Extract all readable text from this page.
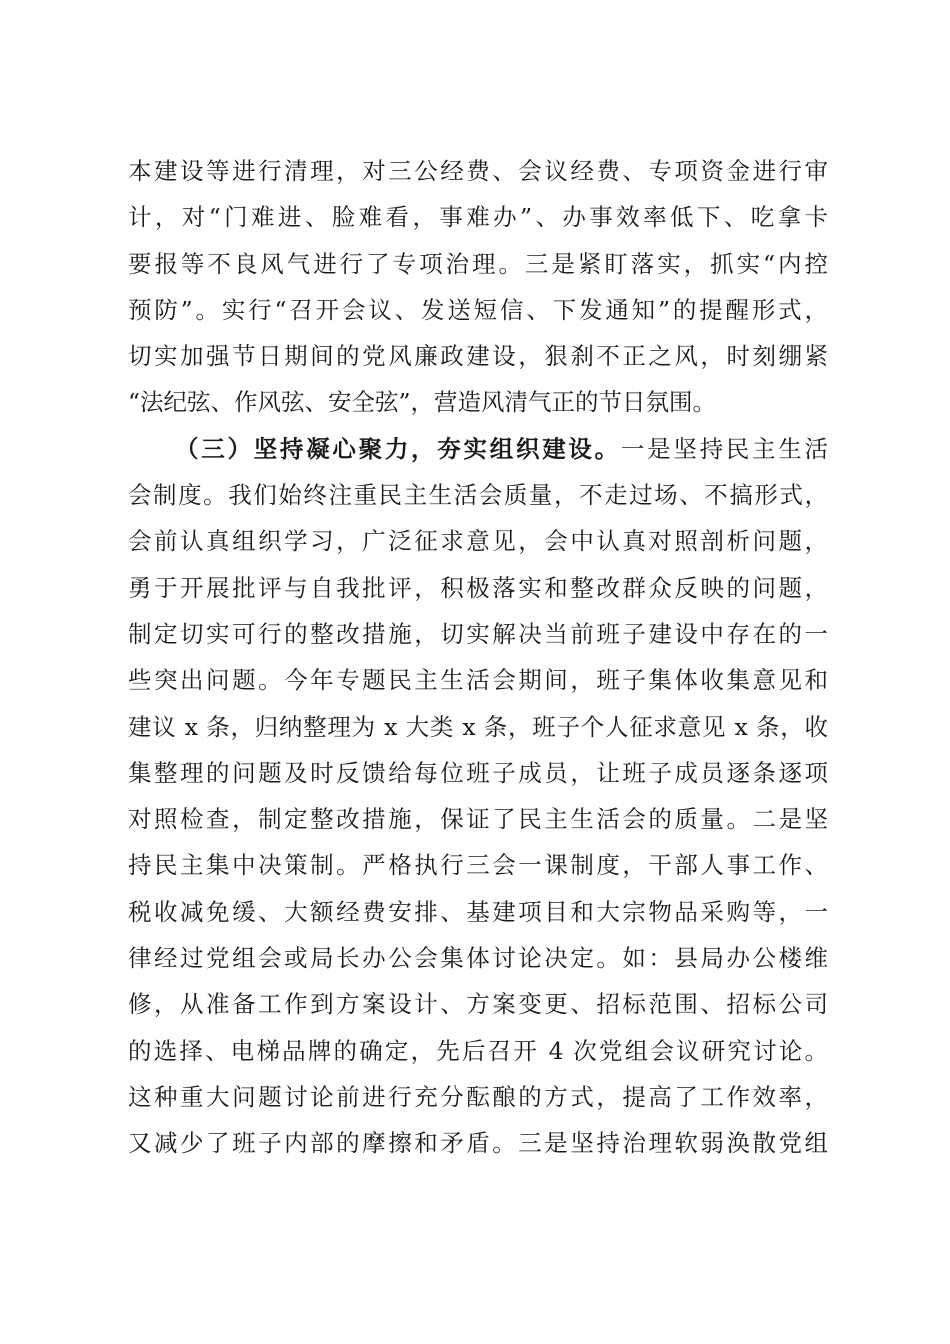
本建设等进行清理，对三公经费、会议经费、专项资金进行审
计，对“门难进、脸难看，事难办”、办事效率低下、吃拿卡
要报等不良风气进行了专项治理。三是紧盯落实，抓实“内控
预防”。实行“召开会议、发送短信、下发通知”的提醒形式，
切实加强节日期间的党风廉政建设，狠刹不正之风，时刻绷紧
“法纪弦、作风弦、安全弦”，营造风清气正的节日氛围。
（三）坚持凝心聚力，夯实组织建设。一是坚持民主生活
会制度。我们始终注重民主生活会质量，不走过场、不搞形式，
会前认真组织学习，广泛征求意见，会中认真对照剖析问题，
勇于开展批评与自我批评，积极落实和整改群众反映的问题，
制定切实可行的整改措施，切实解决当前班子建设中存在的一
些突出问题。今年专题民主生活会期间，班子集体收集意见和
建议 x 条，归纳整理为 x 大类 x 条，班子个人征求意见 x 条，收
集整理的问题及时反馈给每位班子成员，让班子成员逐条逐项
对照检查，制定整改措施，保证了民主生活会的质量。二是坚
持民主集中决策制。严格执行三会一课制度，干部人事工作、
税收减免缓、大额经费安排、基建项目和大宗物品采购等，一
律经过党组会或局长办公会集体讨论决定。如：县局办公楼维
修，从准备工作到方案设计、方案变更、招标范围、招标公司
的选择、电梯品牌的确定，先后召开 4 次党组会议研究讨论。
这种重大问题讨论前进行充分酝酿的方式，提高了工作效率，
又减少了班子内部的摩擦和矛盾。三是坚持治理软弱涣散党组
